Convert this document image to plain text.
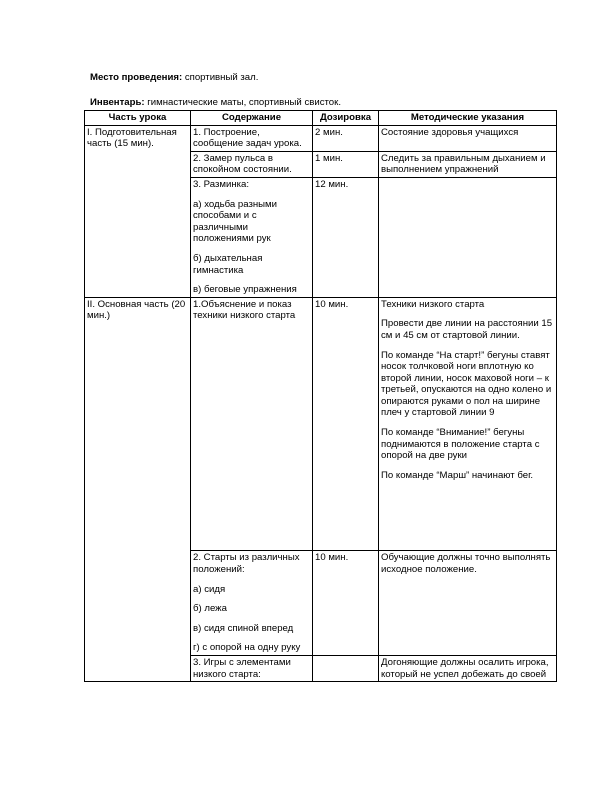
Место проведения: спортивный зал.
Инвентарь: гимнастические маты, спортивный свисток.
Часть урока	Содержание	Дозировка	Методические указания
I. Подготовительная часть (15 мин).	1. Построение, сообщение задач урока.	2 мин.	Состояние здоровья учащихся
	2. Замер пульса в спокойном состоянии.	1 мин.	Следить за правильным дыханием и выполнением упражнений

	3. Разминка:

а) ходьба разными способами и с различными положениями рук

б) дыхательная гимнастика

в) беговые упражнения	12 мин.	
II. Основная часть (20 мин.)	1.Объяснение и показ техники низкого старта	10 мин.	Техники низкого старта

Провести две линии на расстоянии 15 см и 45 см от стартовой линии.

По команде “На старт!” бегуны ставят носок толчковой ноги вплотную ко второй линии, носок маховой ноги – к третьей, опускаются на одно колено и опираются руками о пол на ширине плеч у стартовой линии 9

По команде “Внимание!” бегуны поднимаются в положение старта с опорой на две руки

По команде “Марш” начинают бег.

	2. Старты из различных положений:

а) сидя

б) лежа

в) сидя спиной вперед

г) с опорой на одну руку	10 мин.	Обучающие должны точно выполнять исходное положение.
	3. Игры с элементами низкого старта:		Догоняющие должны осалить игрока, который не успел добежать до своей
